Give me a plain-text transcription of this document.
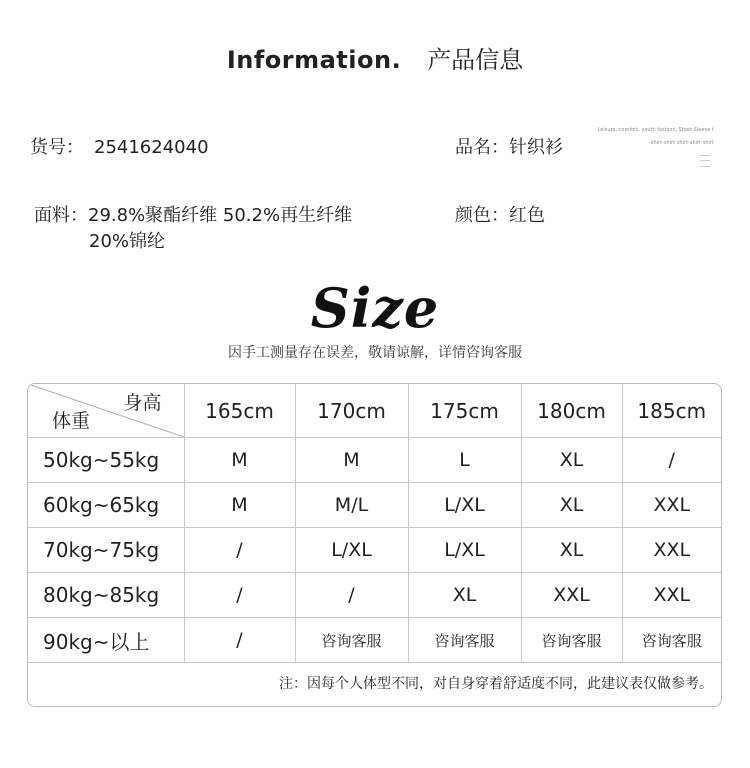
Information. 产品信息
货号： 2541624040	品名：针织衫
面料：29.8%聚酯纤维 50.2%再生纤维
20%锦纶
颜色：红色
Leisure, comfort, youth fashion, Short Sleeve t
-shirt-shirt-shirt-shirt-shirt
Size
因手工测量存在误差，敬请谅解，详情咨询客服
身高
体重	165cm	170cm	175cm	180cm	185cm
50kg~55kg	M	M	L	XL	/
60kg~65kg	M	M/L	L/XL	XL	XXL
70kg~75kg	/	L/XL	L/XL	XL	XXL
80kg~85kg	/	/	XL	XXL	XXL
90kg~以上	/	咨询客服	咨询客服	咨询客服	咨询客服
注：因每个人体型不同，对自身穿着舒适度不同，此建议表仅做参考。
